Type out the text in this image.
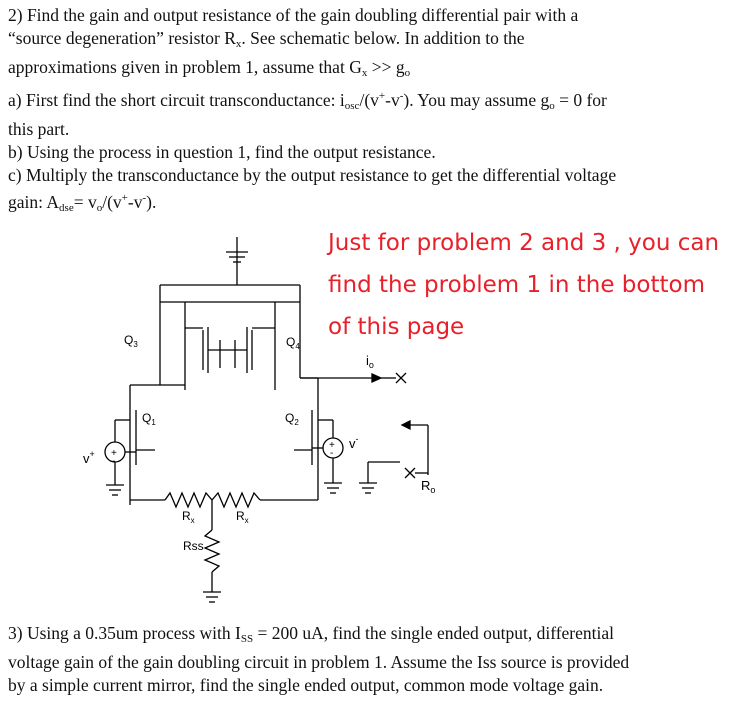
2) Find the gain and output resistance of the gain doubling differential pair with a

“source degeneration” resistor $R_x$. See schematic below. In addition to the

approximations given in problem 1, assume that $G_x >> g_o$

a) First find the short circuit transconductance: $i_{osc}/(v^+-v^-)$. You may assume $g_o = 0$ for

this part.

b) Using the process in question 1, find the output resistance.

c) Multiply the transconductance by the output resistance to get the differential voltage

gain: $A_{dse}= v_o/(v^+-v^-)$.

Just for problem 2 and 3 , you can
find the problem 1 in the bottom
of this page
$Q_3$	$Q_4$
$Q_1$	$Q_2$
$i_o$
v+
v-
$R_o$
$R_x$	$R_x$
Rss
+
-
+
-

3) Using a 0.35um process with $I_{SS} = 200$ uA, find the single ended output, differential

voltage gain of the gain doubling circuit in problem 1. Assume the Iss source is provided

by a simple current mirror, find the single ended output, common mode voltage gain.
